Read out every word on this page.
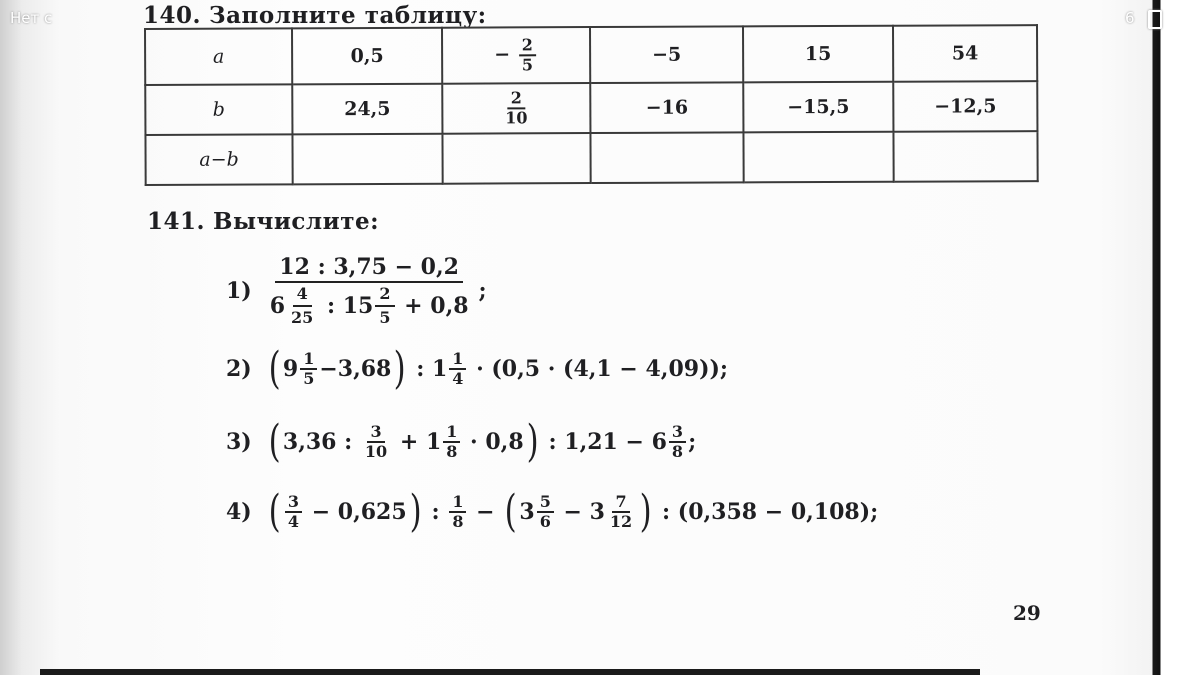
Нет с	6
140. Заполните таблицу:
a	0,5	− $\frac{2}{5}$	−5	15	54
b	24,5	$\frac{2}{10}$	−16	−15,5	−12,5
a−b					
141. Вычислите:
1)
12 : 3,75 − 0,2
$6 \frac{4}{25}$ : $15 \frac{2}{5} + 0,8$
;
2) ( $9 \frac{1}{5} -3,68$ ) : $1 \frac{1}{4} \cdot (0,5 \cdot (4,1 - 4,09))$;
3) ( 3,36 : $\frac{3}{10} + 1 \frac{1}{8} \cdot 0,8$ ) : $1,21 - 6 \frac{3}{8}$ ;
4) ( $\frac{3}{4} - 0,625$ ) : $\frac{1}{8}$ − ( $3 \frac{5}{6} - 3 \frac{7}{12}$ ) : (0,358 − 0,108);
29
